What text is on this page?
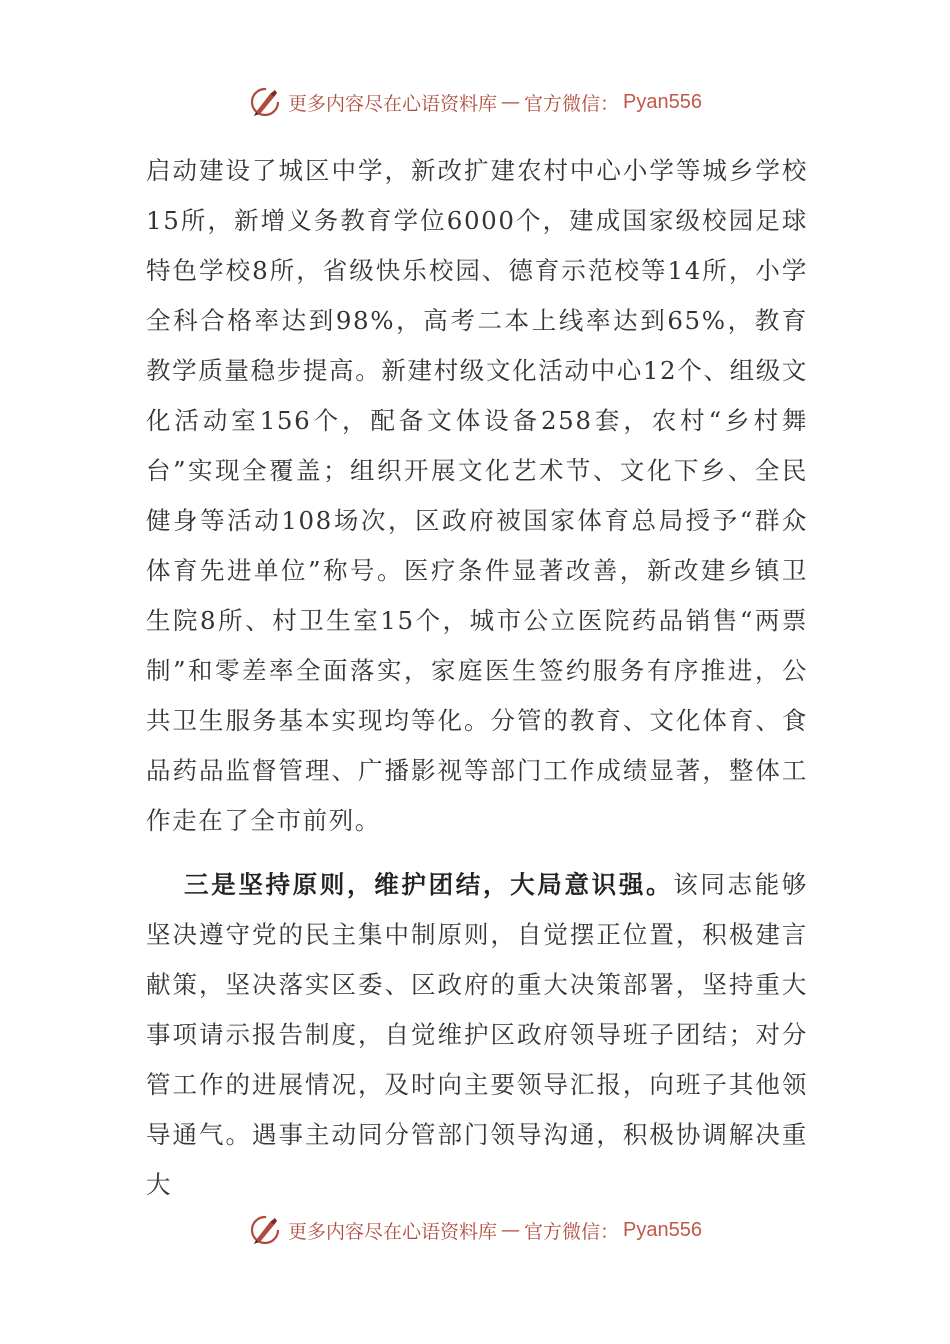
更多内容尽在心语资料库 — 官方微信： Pyan556

启动建设了城区中学，新改扩建农村中心小学等城乡学校15所，新增义务教育学位6000个，建成国家级校园足球特色学校8所，省级快乐校园、德育示范校等14所，小学全科合格率达到98%，高考二本上线率达到65%，教育教学质量稳步提高。新建村级文化活动中心12个、组级文化活动室156个，配备文体设备258套，农村“乡村舞台”实现全覆盖；组织开展文化艺术节、文化下乡、全民健身等活动108场次，区政府被国家体育总局授予“群众体育先进单位”称号。医疗条件显著改善，新改建乡镇卫生院8所、村卫生室15个，城市公立医院药品销售“两票制”和零差率全面落实，家庭医生签约服务有序推进，公共卫生服务基本实现均等化。分管的教育、文化体育、食品药品监督管理、广播影视等部门工作成绩显著，整体工作走在了全市前列。

三是坚持原则，维护团结，大局意识强。该同志能够坚决遵守党的民主集中制原则，自觉摆正位置，积极建言献策，坚决落实区委、区政府的重大决策部署，坚持重大事项请示报告制度，自觉维护区政府领导班子团结；对分管工作的进展情况，及时向主要领导汇报，向班子其他领导通气。遇事主动同分管部门领导沟通，积极协调解决重大

更多内容尽在心语资料库 — 官方微信： Pyan556
